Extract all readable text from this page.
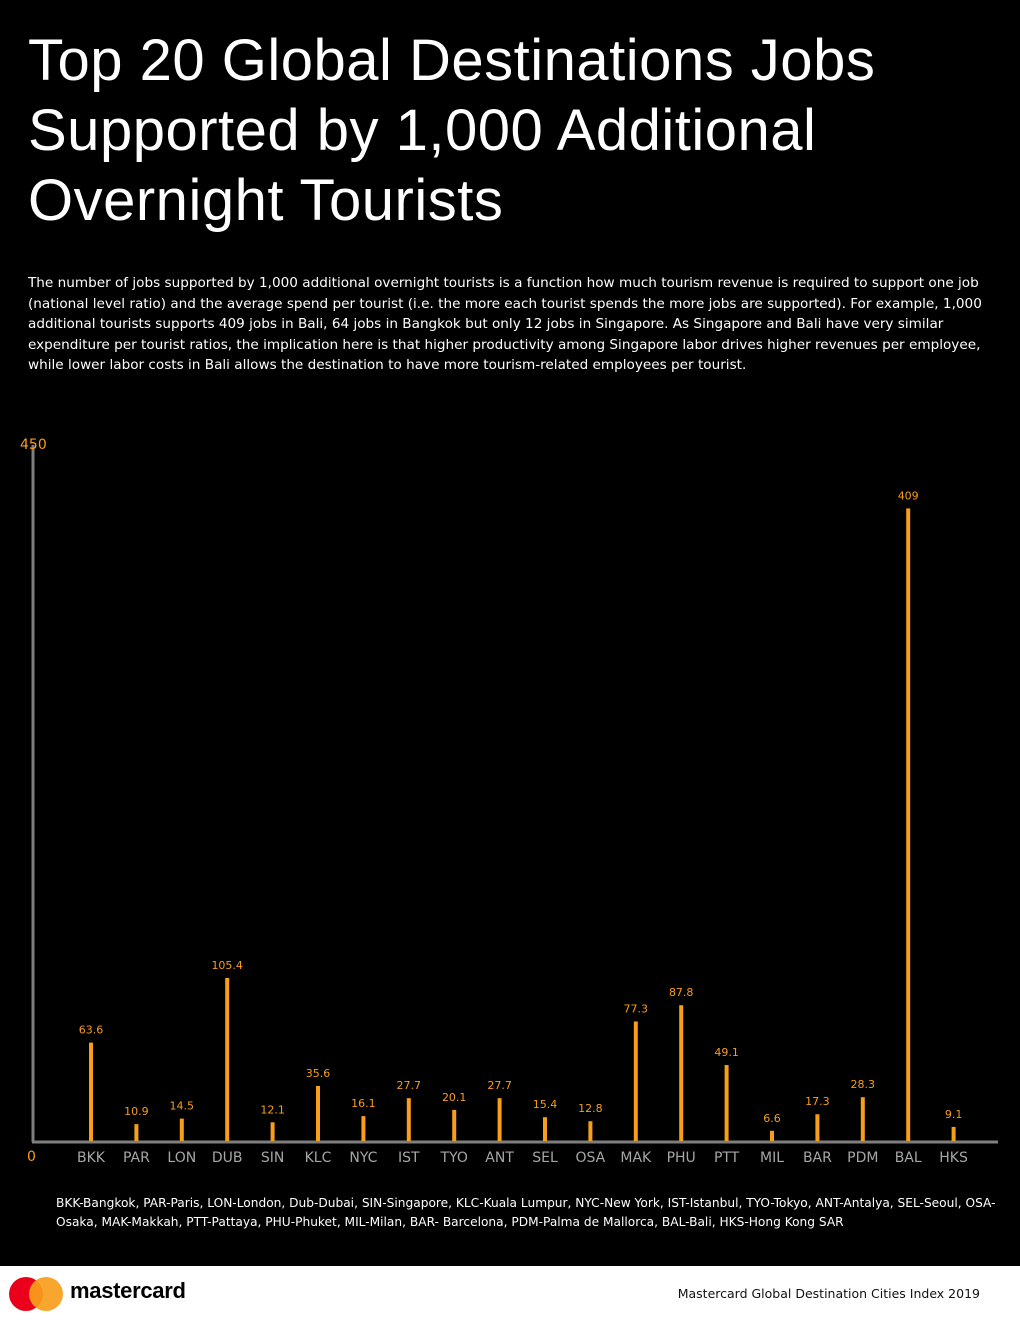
Top 20 Global Destinations Jobs Supported by 1,000 Additional Overnight Tourists

The number of jobs supported by 1,000 additional overnight tourists is a function how much tourism revenue is required to support one job (national level ratio) and the average spend per tourist (i.e. the more each tourist spends the more jobs are supported). For example, 1,000 additional tourists supports 409 jobs in Bali, 64 jobs in Bangkok but only 12 jobs in Singapore. As Singapore and Bali have very similar expenditure per tourist ratios, the implication here is that higher productivity among Singapore labor drives higher revenues per employee, while lower labor costs in Bali allows the destination to have more tourism-related employees per tourist.

0
450
63.6
BKK
10.9
PAR
14.5
LON
105.4
DUB
12.1
SIN
35.6
KLC
16.1
NYC
27.7
IST
20.1
TYO
27.7
ANT
15.4
SEL
12.8
OSA
77.3
MAK
87.8
PHU
49.1
PTT
6.6
MIL
17.3
BAR
28.3
PDM
409
BAL
9.1
HKS

BKK-Bangkok, PAR-Paris, LON-London, Dub-Dubai, SIN-Singapore, KLC-Kuala Lumpur, NYC-New York, IST-Istanbul, TYO-Tokyo, ANT-Antalya, SEL-Seoul, OSA-Osaka, MAK-Makkah, PTT-Pattaya, PHU-Phuket, MIL-Milan, BAR- Barcelona, PDM-Palma de Mallorca, BAL-Bali, HKS-Hong Kong SAR

mastercard	Mastercard Global Destination Cities Index 2019
